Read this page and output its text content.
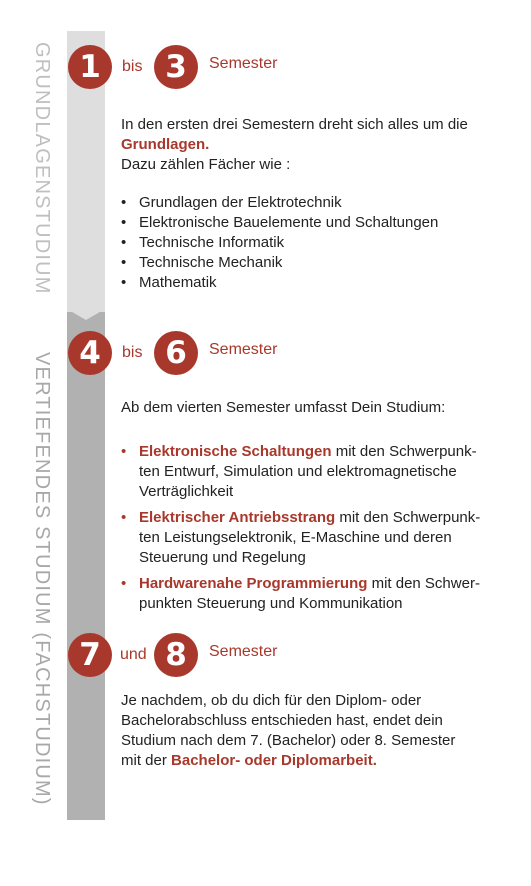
GRUNDLAGENSTUDIUM
VERTIEFENDES STUDIUM (FACHSTUDIUM)
1	bis 3	Semester
In den ersten drei Semestern dreht sich alles um die
Grundlagen.
Dazu zählen Fächer wie :
• Grundlagen der Elektrotechnik
• Elektronische Bauelemente und Schaltungen
• Technische Informatik
• Technische Mechanik
• Mathematik
4	bis 6	Semester
Ab dem vierten Semester umfasst Dein Studium:
• Elektronische Schaltungen mit den Schwerpunk-
ten Entwurf, Simulation und elektromagnetische
Verträglichkeit
• Elektrischer Antriebsstrang mit den Schwerpunk-
ten Leistungselektronik, E-Maschine und deren
Steuerung und Regelung
• Hardwarenahe Programmierung mit den Schwer-
punkten Steuerung und Kommunikation
7	und 8	Semester
Je nachdem, ob du dich für den Diplom- oder
Bachelorabschluss entschieden hast, endet dein
Studium nach dem 7. (Bachelor) oder 8. Semester
mit der Bachelor- oder Diplomarbeit.
